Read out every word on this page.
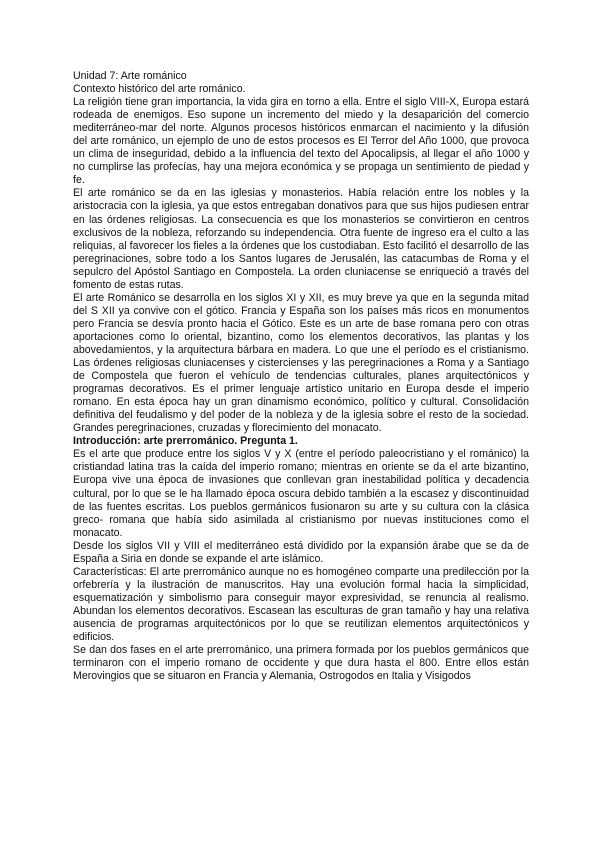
Unidad 7: Arte románico
Contexto histórico del arte románico.

La religión tiene gran importancia, la vida gira en torno a ella. Entre el siglo VIII-X, Europa estará rodeada de enemigos. Eso supone un incremento del miedo y la desaparición del comercio mediterráneo-mar del norte. Algunos procesos históricos enmarcan el nacimiento y la difusión del arte románico, un ejemplo de uno de estos procesos es El Terror del Año 1000, que provoca un clima de inseguridad, debido a la influencia del texto del Apocalipsis, al llegar el año 1000 y no cumplirse las profecías, hay una mejora económica y se propaga un sentimiento de piedad y fe.

El arte románico se da en las iglesias y monasterios. Había relación entre los nobles y la aristocracia con la iglesia, ya que estos entregaban donativos para que sus hijos pudiesen entrar en las órdenes religiosas. La consecuencia es que los monasterios se convirtieron en centros exclusivos de la nobleza, reforzando su independencia. Otra fuente de ingreso era el culto a las reliquias, al favorecer los fieles a la órdenes que los custodiaban. Esto facilitó el desarrollo de las peregrinaciones, sobre todo a los Santos lugares de Jerusalén, las catacumbas de Roma y el sepulcro del Apóstol Santiago en Compostela. La orden cluniacense se enriqueció a través del fomento de estas rutas.

El arte Románico se desarrolla en los siglos XI y XII, es muy breve ya que en la segunda mitad del S XII ya convive con el gótico. Francia y España son los países más ricos en monumentos pero Francia se desvía pronto hacia el Gótico. Este es un arte de base romana pero con otras aportaciones como lo oriental, bizantino, como los elementos decorativos, las plantas y los abovedamientos, y la arquitectura bárbara en madera. Lo que une el período es el cristianismo. Las órdenes religiosas cluniacenses y cistercienses y las peregrinaciones a Roma y a Santiago de Compostela que fueron el vehículo de tendencias culturales, planes arquitectónicos y programas decorativos. Es el primer lenguaje artístico unitario en Europa desde el imperio romano. En esta época hay un gran dinamismo económico, político y cultural. Consolidación definitiva del feudalismo y del poder de la nobleza y de la iglesia sobre el resto de la sociedad. Grandes peregrinaciones, cruzadas y florecimiento del monacato.

Introducción: arte prerrománico. Pregunta 1.

Es el arte que produce entre los siglos V y X (entre el período paleocristiano y el románico) la cristiandad latina tras la caída del imperio romano; mientras en oriente se da el arte bizantino, Europa vive una época de invasiones que conllevan gran inestabilidad política y decadencia cultural, por lo que se le ha llamado época oscura debido también a la escasez y discontinuidad de las fuentes escritas. Los pueblos germánicos fusionaron su arte y su cultura con la clásica greco- romana que había sido asimilada al cristianismo por nuevas instituciones como el monacato.

Desde los siglos VII y VIII el mediterráneo está dividido por la expansión árabe que se da de España a Siria en donde se expande el arte islámico.

Características: El arte prerrománico aunque no es homogéneo comparte una predilección por la orfebrería y la ilustración de manuscritos. Hay una evolución formal hacia la simplicidad, esquematización y simbolismo para conseguir mayor expresividad, se renuncia al realismo. Abundan los elementos decorativos. Escasean las esculturas de gran tamaño y hay una relativa ausencia de programas arquitectónicos por lo que se reutilizan elementos arquitectónicos y edificios.

Se dan dos fases en el arte prerrománico, una primera formada por los pueblos germánicos que terminaron con el imperio romano de occidente y que dura hasta el 800. Entre ellos están Merovingios que se situaron en Francia y Alemania, Ostrogodos en Italia y Visigodos
